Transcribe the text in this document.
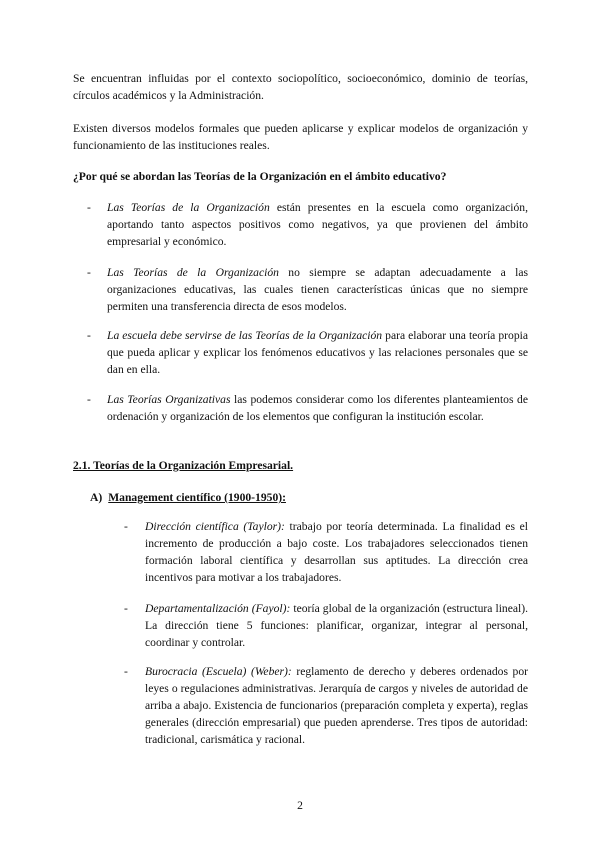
Se encuentran influidas por el contexto sociopolítico, socioeconómico, dominio de teorías, círculos académicos y la Administración.

Existen diversos modelos formales que pueden aplicarse y explicar modelos de organización y funcionamiento de las instituciones reales.

¿Por qué se abordan las Teorías de la Organización en el ámbito educativo?
- Las Teorías de la Organización están presentes en la escuela como organización, aportando tanto aspectos positivos como negativos, ya que provienen del ámbito empresarial y económico.
- Las Teorías de la Organización no siempre se adaptan adecuadamente a las organizaciones educativas, las cuales tienen características únicas que no siempre permiten una transferencia directa de esos modelos.
- La escuela debe servirse de las Teorías de la Organización para elaborar una teoría propia que pueda aplicar y explicar los fenómenos educativos y las relaciones personales que se dan en ella.
- Las Teorías Organizativas las podemos considerar como los diferentes planteamientos de ordenación y organización de los elementos que configuran la institución escolar.
2.1. Teorías de la Organización Empresarial.
A) Management científico (1900-1950):
- Dirección científica (Taylor): trabajo por teoría determinada. La finalidad es el incremento de producción a bajo coste. Los trabajadores seleccionados tienen formación laboral científica y desarrollan sus aptitudes. La dirección crea incentivos para motivar a los trabajadores.
- Departamentalización (Fayol): teoría global de la organización (estructura lineal). La dirección tiene 5 funciones: planificar, organizar, integrar al personal, coordinar y controlar.
- Burocracia (Escuela) (Weber): reglamento de derecho y deberes ordenados por leyes o regulaciones administrativas. Jerarquía de cargos y niveles de autoridad de arriba a abajo. Existencia de funcionarios (preparación completa y experta), reglas generales (dirección empresarial) que pueden aprenderse. Tres tipos de autoridad: tradicional, carismática y racional.
2
